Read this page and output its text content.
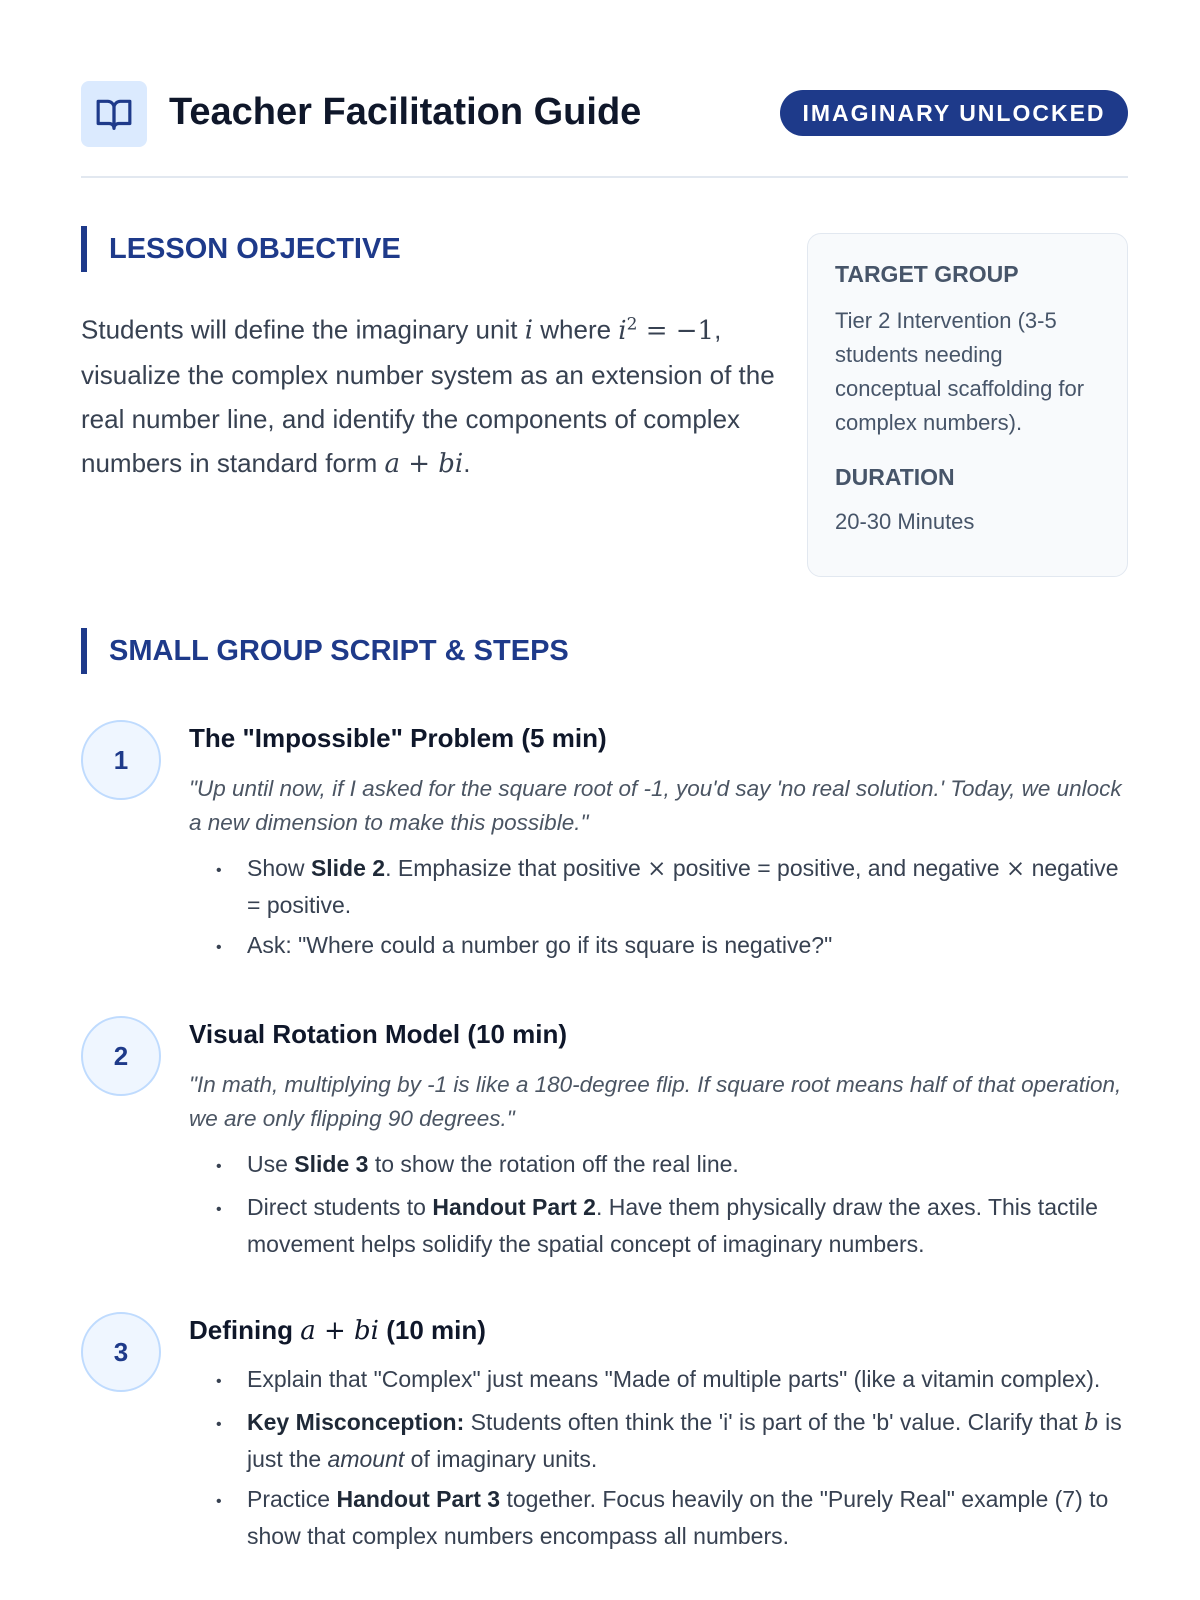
Teacher Facilitation Guide	IMAGINARY UNLOCKED
LESSON OBJECTIVE

Students will define the imaginary unit i where $i^2 = -1$, visualize the complex number system as an extension of the real number line, and identify the components of complex numbers in standard form a + bi.

TARGET GROUP
Tier 2 Intervention (3-5 students needing conceptual scaffolding for complex numbers).
DURATION
20-30 Minutes
SMALL GROUP SCRIPT & STEPS
1
The "Impossible" Problem (5 min)
"Up until now, if I asked for the square root of -1, you'd say 'no real solution.' Today, we unlock a new dimension to make this possible."
• Show Slide 2. Emphasize that positive × positive = positive, and negative × negative = positive.
• Ask: "Where could a number go if its square is negative?"
2
Visual Rotation Model (10 min)
"In math, multiplying by -1 is like a 180-degree flip. If square root means half of that operation, we are only flipping 90 degrees."
• Use Slide 3 to show the rotation off the real line.
• Direct students to Handout Part 2. Have them physically draw the axes. This tactile movement helps solidify the spatial concept of imaginary numbers.
3
Defining a + bi (10 min)
• Explain that "Complex" just means "Made of multiple parts" (like a vitamin complex).
• Key Misconception: Students often think the 'i' is part of the 'b' value. Clarify that b is just the amount of imaginary units.
• Practice Handout Part 3 together. Focus heavily on the "Purely Real" example (7) to show that complex numbers encompass all numbers.
